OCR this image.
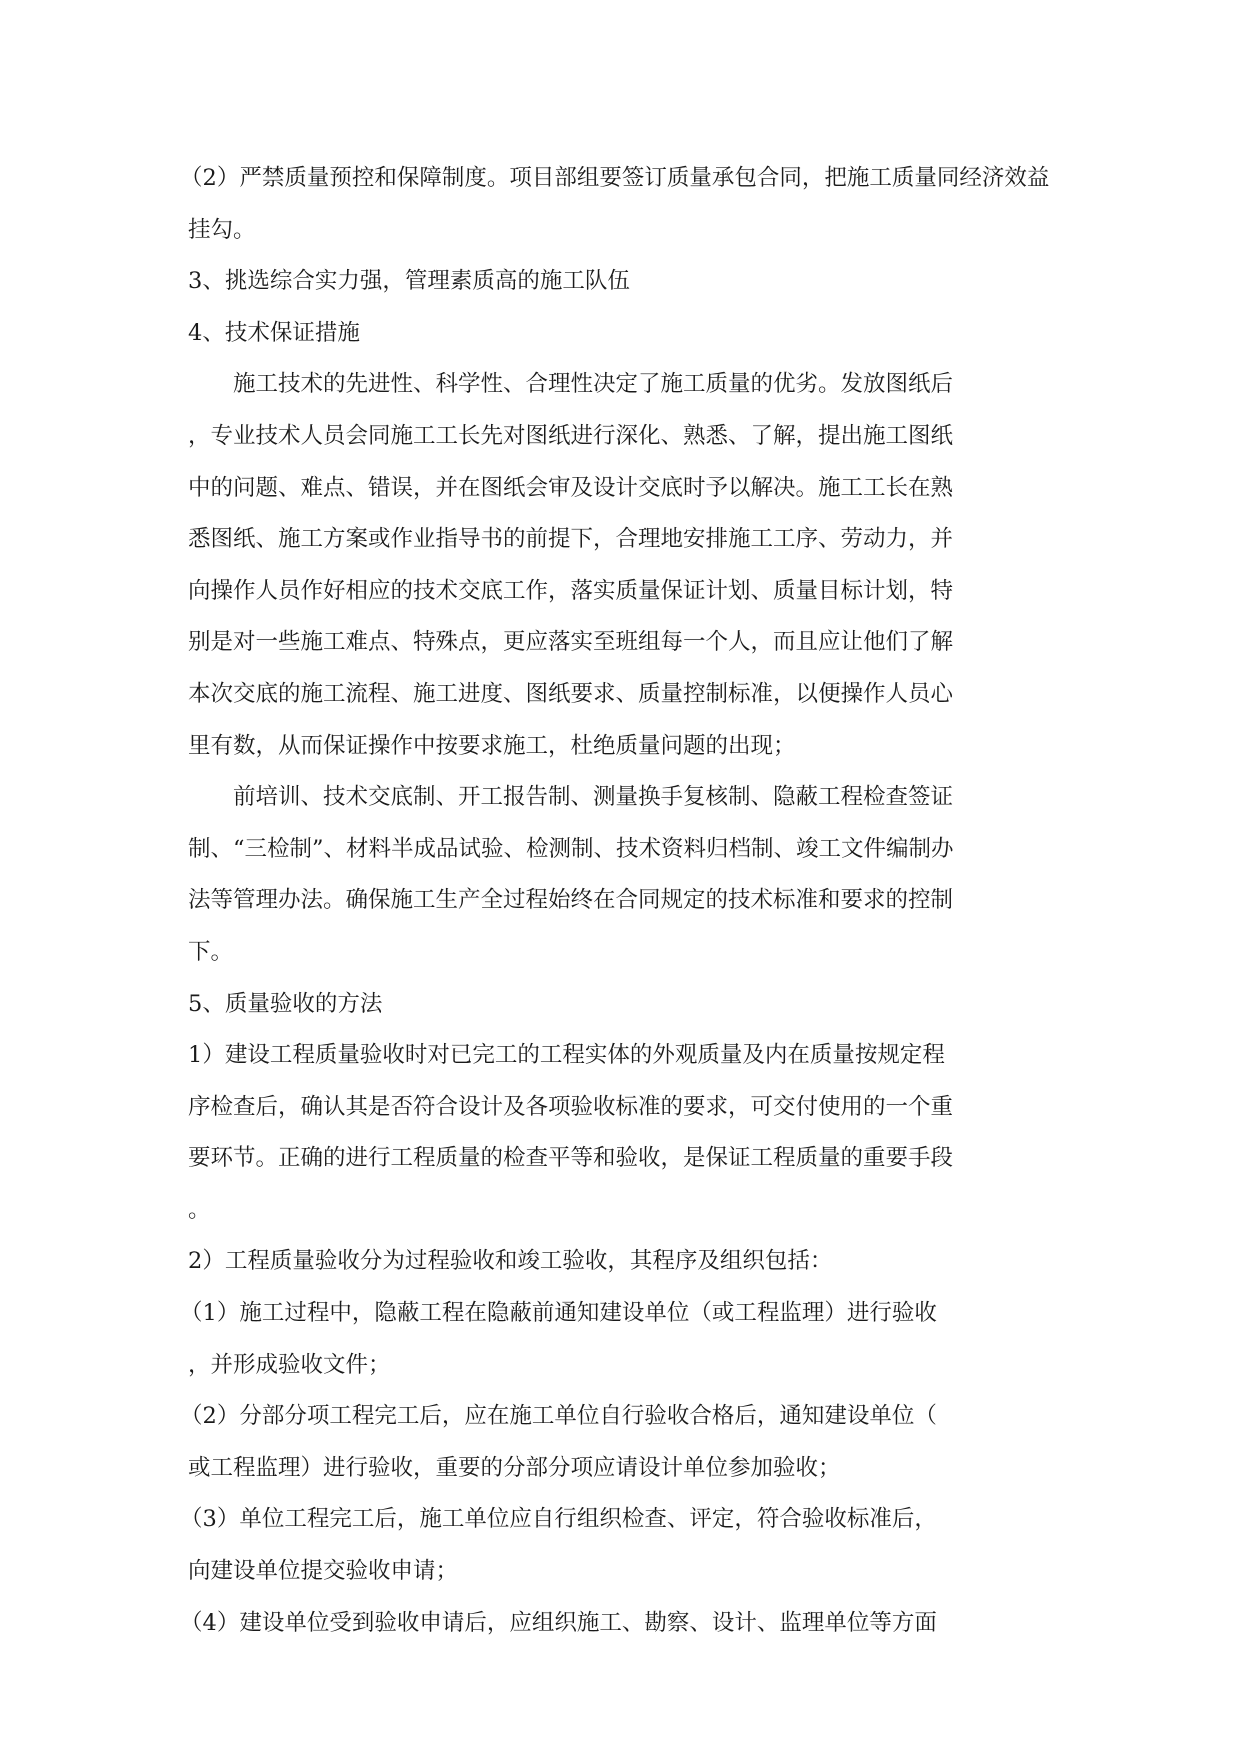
（2）严禁质量预控和保障制度。项目部组要签订质量承包合同，把施工质量同经济效益
挂勾。

3、挑选综合实力强，管理素质高的施工队伍

4、技术保证措施

施工技术的先进性、科学性、合理性决定了施工质量的优劣。发放图纸后
，专业技术人员会同施工工长先对图纸进行深化、熟悉、了解，提出施工图纸
中的问题、难点、错误，并在图纸会审及设计交底时予以解决。施工工长在熟
悉图纸、施工方案或作业指导书的前提下，合理地安排施工工序、劳动力，并
向操作人员作好相应的技术交底工作，落实质量保证计划、质量目标计划，特
别是对一些施工难点、特殊点，更应落实至班组每一个人，而且应让他们了解
本次交底的施工流程、施工进度、图纸要求、质量控制标准，以便操作人员心
里有数，从而保证操作中按要求施工，杜绝质量问题的出现；

前培训、技术交底制、开工报告制、测量换手复核制、隐蔽工程检查签证
制、“三检制”、材料半成品试验、检测制、技术资料归档制、竣工文件编制办
法等管理办法。确保施工生产全过程始终在合同规定的技术标准和要求的控制
下。

5、质量验收的方法

1）建设工程质量验收时对已完工的工程实体的外观质量及内在质量按规定程
序检查后，确认其是否符合设计及各项验收标准的要求，可交付使用的一个重
要环节。正确的进行工程质量的检查平等和验收，是保证工程质量的重要手段
。

2）工程质量验收分为过程验收和竣工验收，其程序及组织包括：

（1）施工过程中，隐蔽工程在隐蔽前通知建设单位（或工程监理）进行验收
，并形成验收文件；

（2）分部分项工程完工后，应在施工单位自行验收合格后，通知建设单位（
或工程监理）进行验收，重要的分部分项应请设计单位参加验收；

（3）单位工程完工后，施工单位应自行组织检查、评定，符合验收标准后，
向建设单位提交验收申请；

（4）建设单位受到验收申请后，应组织施工、勘察、设计、监理单位等方面
